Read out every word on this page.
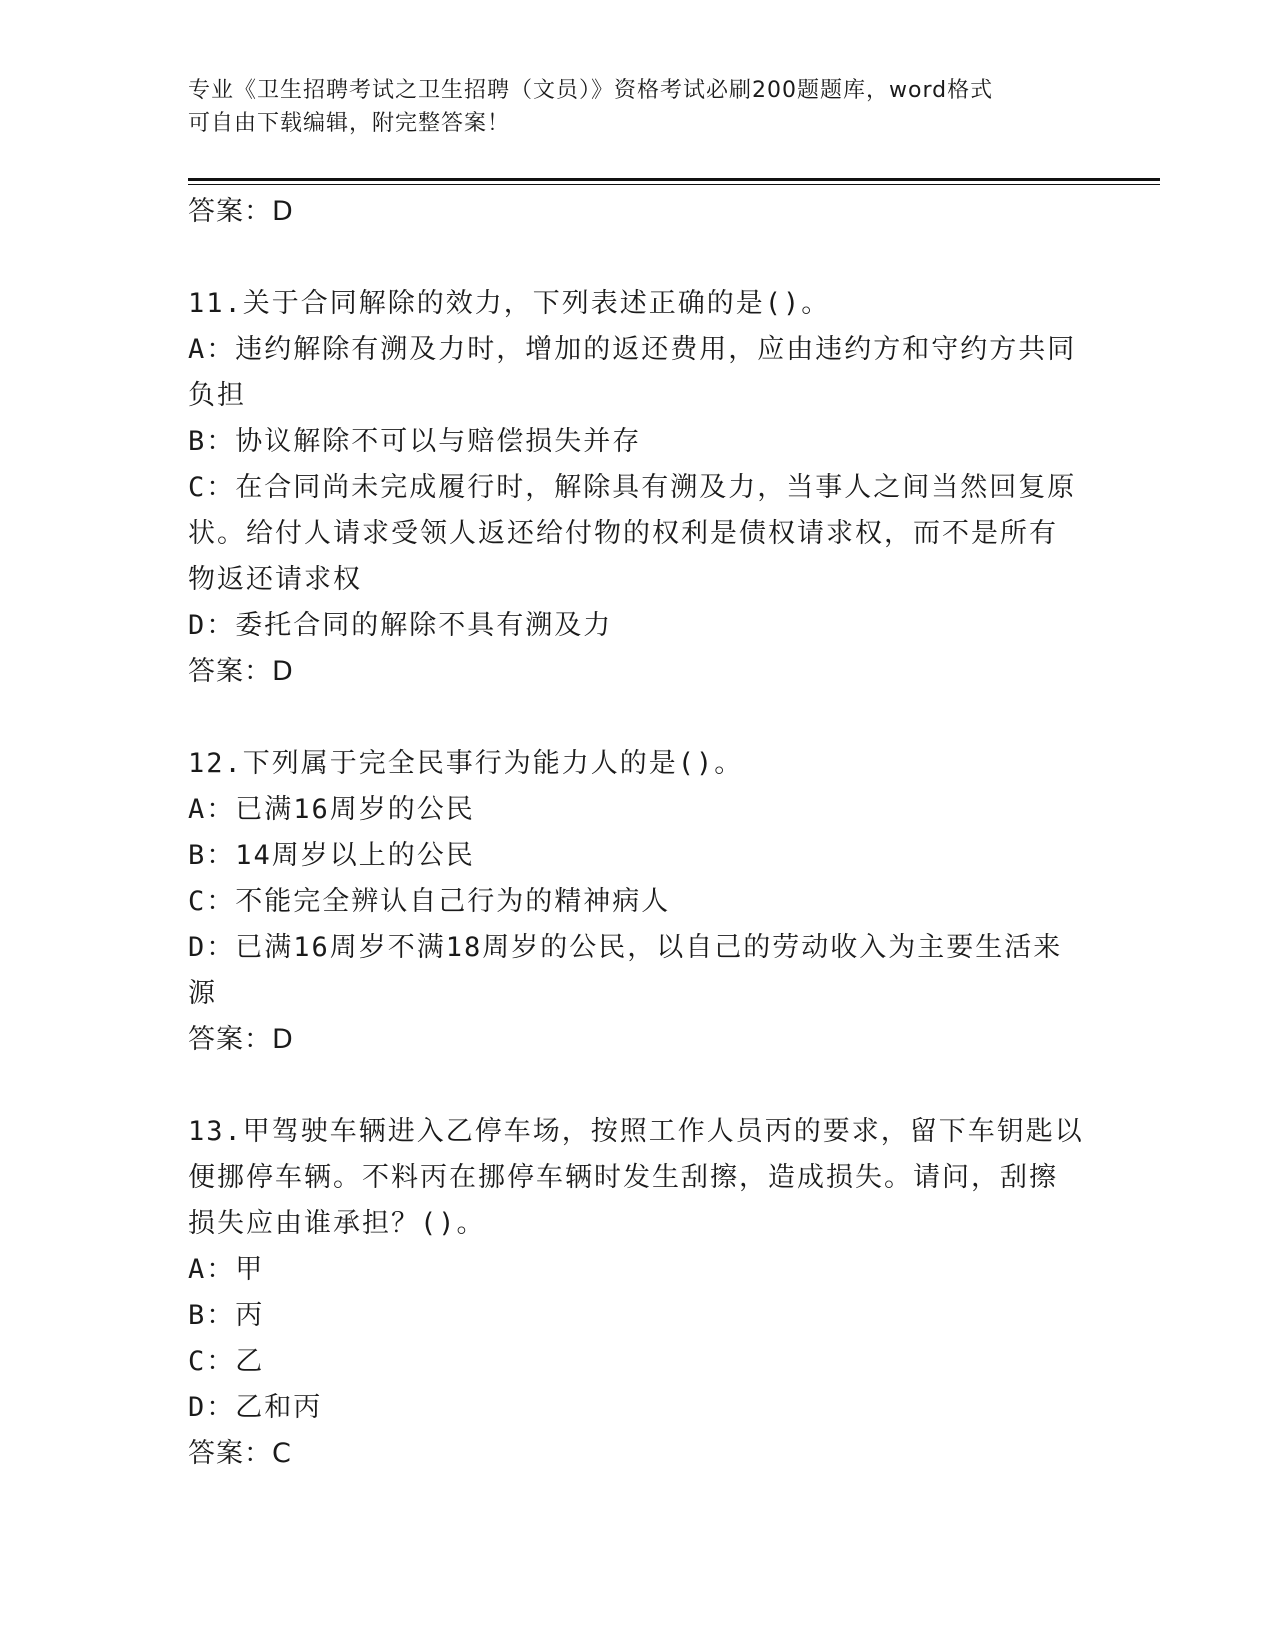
专业《卫生招聘考试之卫生招聘（文员）》资格考试必刷200题题库，word格式
可自由下载编辑，附完整答案！

答案：D

11.关于合同解除的效力，下列表述正确的是()。

A：违约解除有溯及力时，增加的返还费用，应由违约方和守约方共同

负担

B：协议解除不可以与赔偿损失并存

C：在合同尚未完成履行时，解除具有溯及力，当事人之间当然回复原

状。给付人请求受领人返还给付物的权利是债权请求权，而不是所有

物返还请求权

D：委托合同的解除不具有溯及力

答案：D

12.下列属于完全民事行为能力人的是()。

A：已满16周岁的公民

B：14周岁以上的公民

C：不能完全辨认自己行为的精神病人

D：已满16周岁不满18周岁的公民，以自己的劳动收入为主要生活来

源

答案：D

13.甲驾驶车辆进入乙停车场，按照工作人员丙的要求，留下车钥匙以

便挪停车辆。不料丙在挪停车辆时发生刮擦，造成损失。请问，刮擦

损失应由谁承担？()。

A：甲

B：丙

C：乙

D：乙和丙

答案：C
